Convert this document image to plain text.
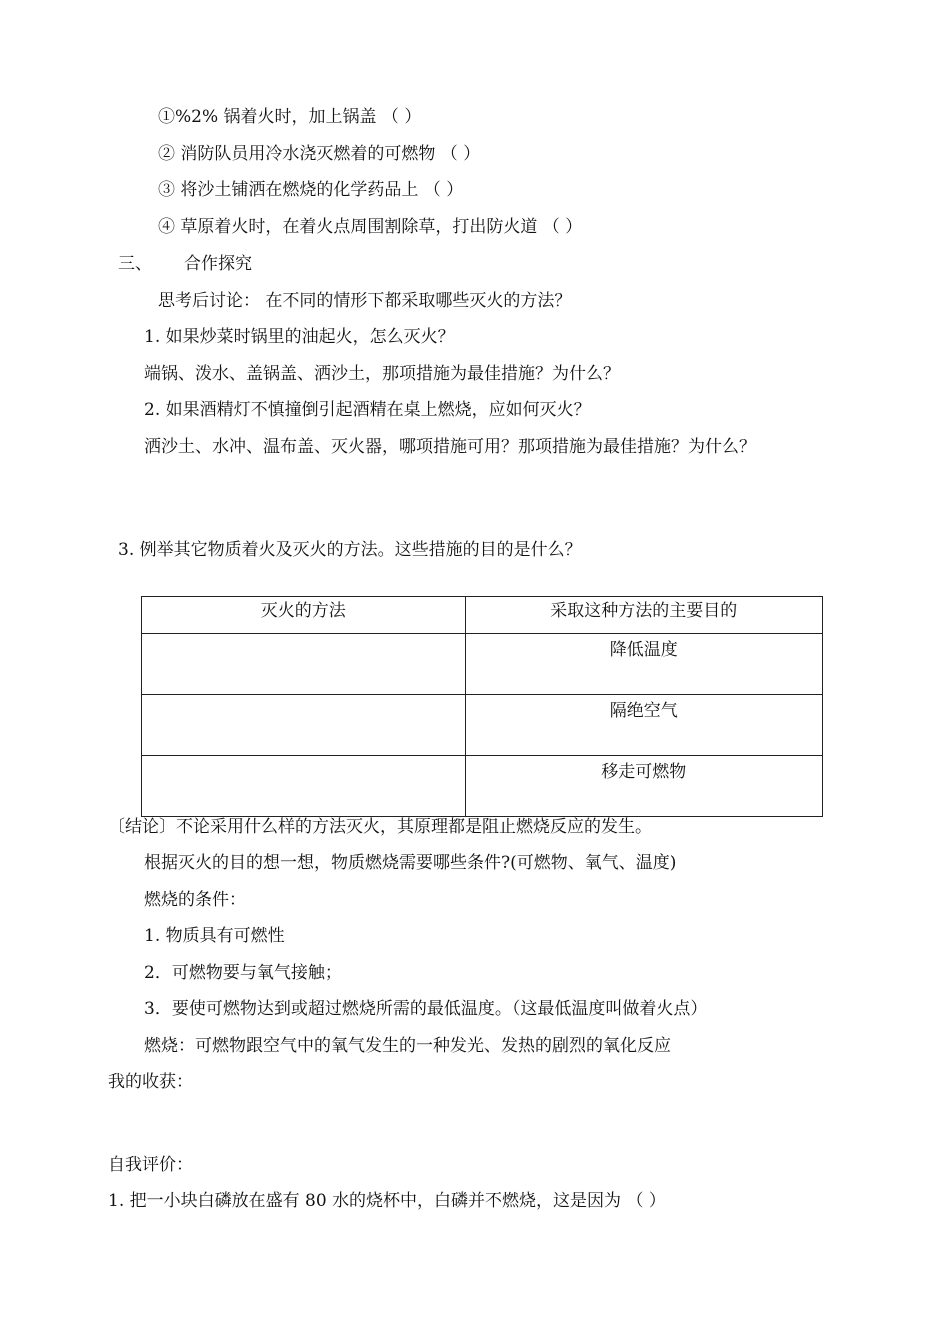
①%2% 锅着火时，加上锅盖 （ ）
② 消防队员用冷水浇灭燃着的可燃物 （ ）
③ 将沙土铺洒在燃烧的化学药品上 （ ）
④ 草原着火时，在着火点周围割除草，打出防火道 （ ）
三、 合作探究
思考后讨论： 在不同的情形下都采取哪些灭火的方法？
1. 如果炒菜时锅里的油起火，怎么灭火？
端锅、泼水、盖锅盖、洒沙土，那项措施为最佳措施？为什么？
2. 如果酒精灯不慎撞倒引起酒精在桌上燃烧，应如何灭火？
洒沙土、水冲、温布盖、灭火器，哪项措施可用？那项措施为最佳措施？为什么？
3. 例举其它物质着火及灭火的方法。这些措施的目的是什么？
灭火的方法	采取这种方法的主要目的
	降低温度
	隔绝空气
	移走可燃物
〔结论〕不论采用什么样的方法灭火，其原理都是阻止燃烧反应的发生。
根据灭火的目的想一想，物质燃烧需要哪些条件?(可燃物、氧气、温度)
燃烧的条件：
1. 物质具有可燃性
2．可燃物要与氧气接触；
3．要使可燃物达到或超过燃烧所需的最低温度。（这最低温度叫做着火点）
燃烧：可燃物跟空气中的氧气发生的一种发光、发热的剧烈的氧化反应
我的收获：
自我评价：
1. 把一小块白磷放在盛有 80 水的烧杯中，白磷并不燃烧，这是因为 （ ）
